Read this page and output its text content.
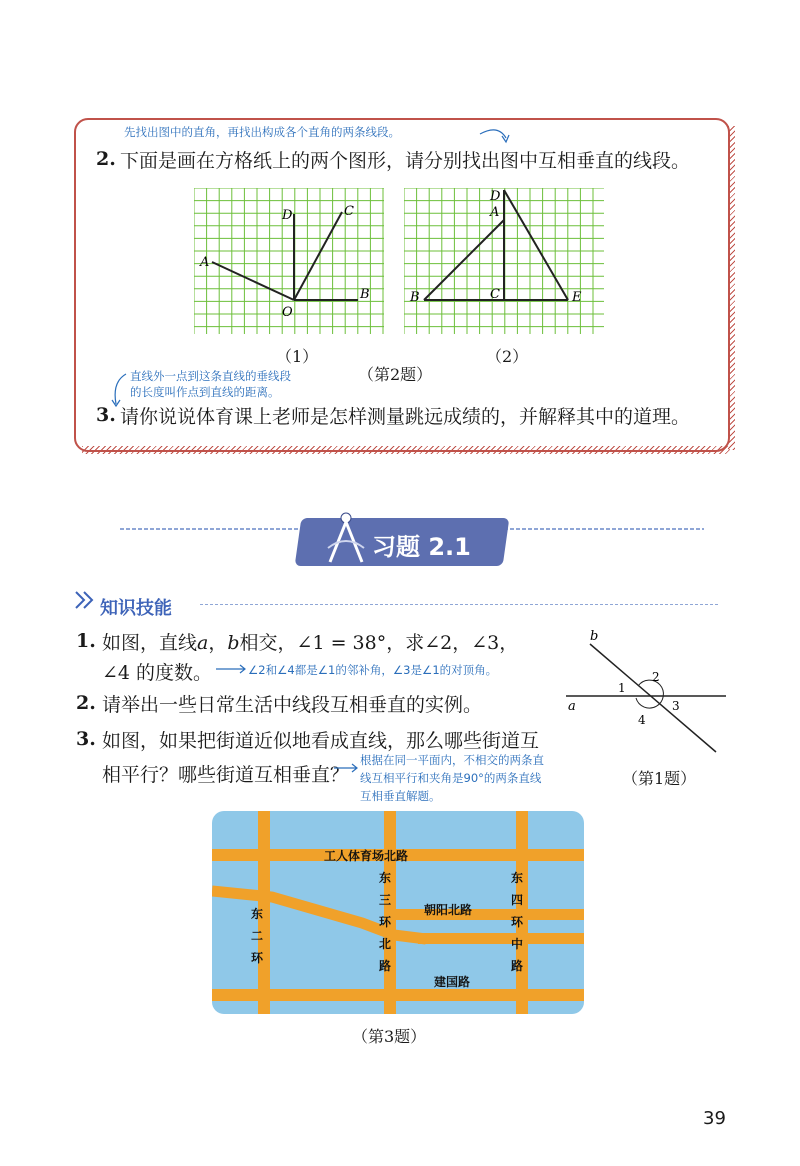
先找出图中的直角，再找出构成各个直角的两条线段。
2. 下面是画在方格纸上的两个图形，请分别找出图中互相垂直的线段。
D	C
A
B
O
D
A
B	C	E
（1）	（2）
（第2题）
直线外一点到这条直线的垂线段
的长度叫作点到直线的距离。
3. 请你说说体育课上老师是怎样测量跳远成绩的，并解释其中的道理。
习题 2.1
知识技能
1. 如图，直线a，b相交，∠1 = 38°，求∠2，∠3，
∠4 的度数。	∠2和∠4都是∠1的邻补角，∠3是∠1的对顶角。
b
a
1
2
3
4
2. 请举出一些日常生活中线段互相垂直的实例。
3. 如图，如果把街道近似地看成直线，那么哪些街道互
相平行？哪些街道互相垂直？
根据在同一平面内，不相交的两条直
线互相平行和夹角是90°的两条直线
互相垂直解题。
（第1题）
工人体育场北路
朝阳北路
建国路
东
二
环
东
三
环
北
路
东
四
环
中
路
（第3题）
39
